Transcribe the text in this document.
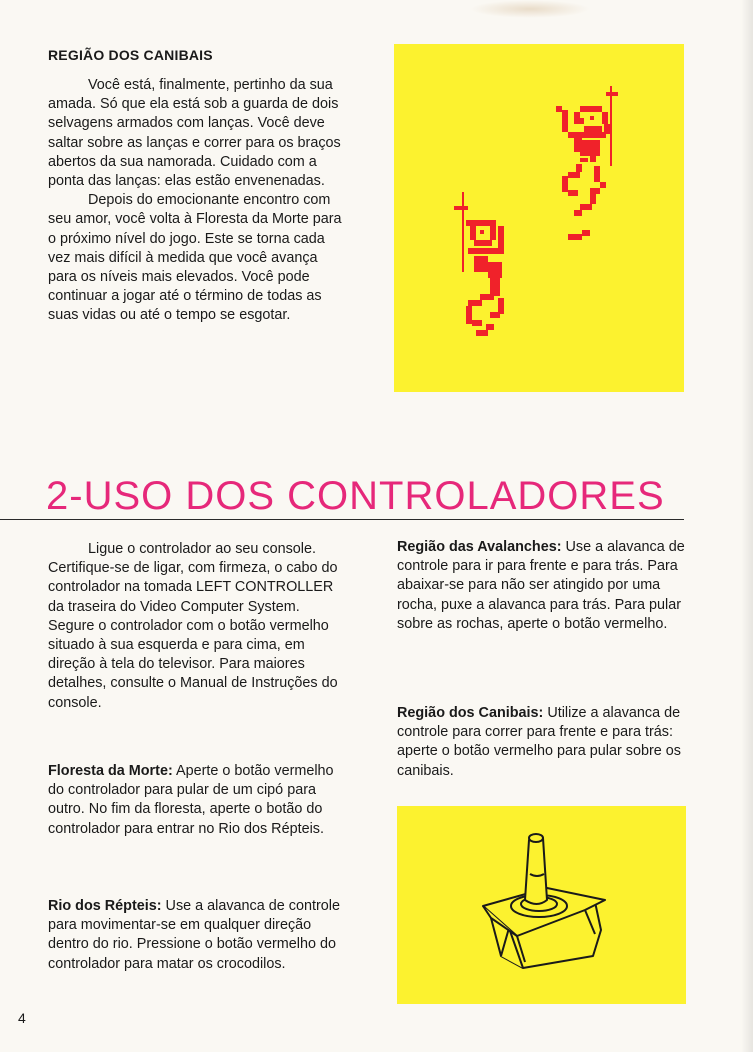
REGIÃO DOS CANIBAIS

Você está, finalmente, pertinho da sua amada. Só que ela está sob a guarda de dois selvagens armados com lanças. Você deve saltar sobre as lanças e correr para os braços abertos da sua namorada. Cuidado com a ponta das lanças: elas estão envenenadas.

Depois do emocionante encontro com seu amor, você volta à Floresta da Morte para o próximo nível do jogo. Este se torna cada vez mais difícil à medida que você avança para os níveis mais elevados. Você pode continuar a jogar até o término de todas as suas vidas ou até o tempo se esgotar.

2-USO DOS CONTROLADORES

Ligue o controlador ao seu console. Certifique-se de ligar, com firmeza, o cabo do controlador na tomada LEFT CONTROLLER da traseira do Video Computer System. Segure o controlador com o botão vermelho situado à sua esquerda e para cima, em direção à tela do televisor. Para maiores detalhes, consulte o Manual de Instruções do console.

Floresta da Morte: Aperte o botão vermelho do controlador para pular de um cipó para outro. No fim da floresta, aperte o botão do controlador para entrar no Rio dos Répteis.

Rio dos Répteis: Use a alavanca de controle para movimentar-se em qualquer direção dentro do rio. Pressione o botão vermelho do controlador para matar os crocodilos.

Região das Avalanches: Use a alavanca de controle para ir para frente e para trás. Para abaixar-se para não ser atingido por uma rocha, puxe a alavanca para trás. Para pular sobre as rochas, aperte o botão vermelho.

Região dos Canibais: Utilize a alavanca de controle para correr para frente e para trás: aperte o botão vermelho para pular sobre os canibais.

4
